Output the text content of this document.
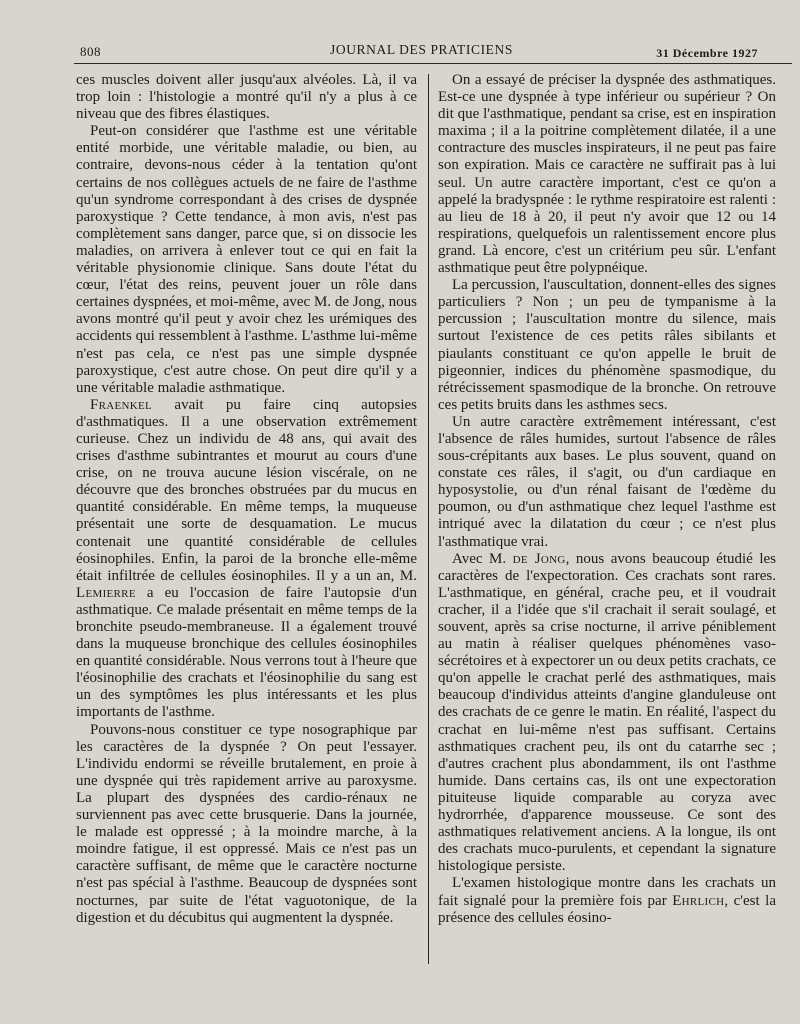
808	JOURNAL DES PRATICIENS	31 Décembre 1927

ces muscles doivent aller jusqu'aux alvéoles. Là, il va trop loin : l'histologie a montré qu'il n'y a plus à ce niveau que des fibres élastiques.

Peut-on considérer que l'asthme est une véritable entité morbide, une véritable maladie, ou bien, au contraire, devons-nous céder à la tentation qu'ont certains de nos collègues actuels de ne faire de l'asthme qu'un syndrome correspondant à des crises de dyspnée paroxystique ? Cette tendance, à mon avis, n'est pas complètement sans danger, parce que, si on dissocie les maladies, on arrivera à enlever tout ce qui en fait la véritable physionomie clinique. Sans doute l'état du cœur, l'état des reins, peuvent jouer un rôle dans certaines dyspnées, et moi-même, avec M. de Jong, nous avons montré qu'il peut y avoir chez les urémiques des accidents qui ressemblent à l'asthme. L'asthme lui-même n'est pas cela, ce n'est pas une simple dyspnée paroxystique, c'est autre chose. On peut dire qu'il y a une véritable maladie asthmatique.

Fraenkel avait pu faire cinq autopsies d'asthmatiques. Il a une observation extrêmement curieuse. Chez un individu de 48 ans, qui avait des crises d'asthme subintrantes et mourut au cours d'une crise, on ne trouva aucune lésion viscérale, on ne découvre que des bronches obstruées par du mucus en quantité considérable. En même temps, la muqueuse présentait une sorte de desquamation. Le mucus contenait une quantité considérable de cellules éosinophiles. Enfin, la paroi de la bronche elle-même était infiltrée de cellules éosinophiles. Il y a un an, M. Lemierre a eu l'occasion de faire l'autopsie d'un asthmatique. Ce malade présentait en même temps de la bronchite pseudo-membraneuse. Il a également trouvé dans la muqueuse bronchique des cellules éosinophiles en quantité considérable. Nous verrons tout à l'heure que l'éosinophilie des crachats et l'éosinophilie du sang est un des symptômes les plus intéressants et les plus importants de l'asthme.

Pouvons-nous constituer ce type nosographique par les caractères de la dyspnée ? On peut l'essayer. L'individu endormi se réveille brutalement, en proie à une dyspnée qui très rapidement arrive au paroxysme. La plupart des dyspnées des cardio-rénaux ne surviennent pas avec cette brusquerie. Dans la journée, le malade est oppressé ; à la moindre marche, à la moindre fatigue, il est oppressé. Mais ce n'est pas un caractère suffisant, de même que le caractère nocturne n'est pas spécial à l'asthme. Beaucoup de dyspnées sont nocturnes, par suite de l'état vaguotonique, de la digestion et du décubitus qui augmentent la dyspnée.

On a essayé de préciser la dyspnée des asthmatiques. Est-ce une dyspnée à type inférieur ou supérieur ? On dit que l'asthmatique, pendant sa crise, est en inspiration maxima ; il a la poitrine complètement dilatée, il a une contracture des muscles inspirateurs, il ne peut pas faire son expiration. Mais ce caractère ne suffirait pas à lui seul. Un autre caractère important, c'est ce qu'on a appelé la bradyspnée : le rythme respiratoire est ralenti : au lieu de 18 à 20, il peut n'y avoir que 12 ou 14 respirations, quelquefois un ralentissement encore plus grand. Là encore, c'est un critérium peu sûr. L'enfant asthmatique peut être polypnéique.

La percussion, l'auscultation, donnent-elles des signes particuliers ? Non ; un peu de tympanisme à la percussion ; l'auscultation montre du silence, mais surtout l'existence de ces petits râles sibilants et piaulants constituant ce qu'on appelle le bruit de pigeonnier, indices du phénomène spasmodique, du rétrécissement spasmodique de la bronche. On retrouve ces petits bruits dans les asthmes secs.

Un autre caractère extrêmement intéressant, c'est l'absence de râles humides, surtout l'absence de râles sous-crépitants aux bases. Le plus souvent, quand on constate ces râles, il s'agit, ou d'un cardiaque en hyposystolie, ou d'un rénal faisant de l'œdème du poumon, ou d'un asthmatique chez lequel l'asthme est intriqué avec la dilatation du cœur ; ce n'est plus l'asthmatique vrai.

Avec M. de Jong, nous avons beaucoup étudié les caractères de l'expectoration. Ces crachats sont rares. L'asthmatique, en général, crache peu, et il voudrait cracher, il a l'idée que s'il crachait il serait soulagé, et souvent, après sa crise nocturne, il arrive péniblement au matin à réaliser quelques phénomènes vaso-sécrétoires et à expectorer un ou deux petits crachats, ce qu'on appelle le crachat perlé des asthmatiques, mais beaucoup d'individus atteints d'angine glanduleuse ont des crachats de ce genre le matin. En réalité, l'aspect du crachat en lui-même n'est pas suffisant. Certains asthmatiques crachent peu, ils ont du catarrhe sec ; d'autres crachent plus abondamment, ils ont l'asthme humide. Dans certains cas, ils ont une expectoration pituiteuse liquide comparable au coryza avec hydrorrhée, d'apparence mousseuse. Ce sont des asthmatiques relativement anciens. A la longue, ils ont des crachats muco-purulents, et cependant la signature histologique persiste.

L'examen histologique montre dans les crachats un fait signalé pour la première fois par Ehrlich, c'est la présence des cellules éosino-
